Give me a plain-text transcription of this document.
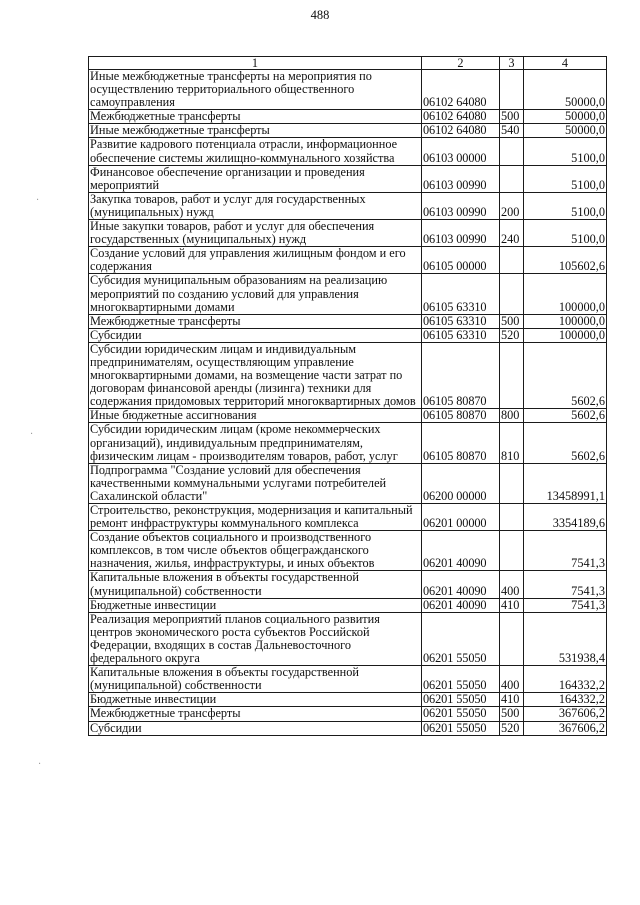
488
1	2	3	4
Иные межбюджетные трансферты на мероприятия по осуществлению территориального общественного самоуправления	06102 64080		50000,0
Межбюджетные трансферты	06102 64080	500	50000,0
Иные межбюджетные трансферты	06102 64080	540	50000,0
Развитие кадрового потенциала отрасли, информационное обеспечение системы жилищно-коммунального хозяйства	06103 00000		5100,0
Финансовое обеспечение организации и проведения мероприятий	06103 00990		5100,0
Закупка товаров, работ и услуг для государственных (муниципальных) нужд	06103 00990	200	5100,0
Иные закупки товаров, работ и услуг для обеспечения государственных (муниципальных) нужд	06103 00990	240	5100,0
Создание условий для управления жилищным фондом и его содержания	06105 00000		105602,6
Субсидия муниципальным образованиям на реализацию мероприятий по созданию условий для управления многоквартирными домами	06105 63310		100000,0
Межбюджетные трансферты	06105 63310	500	100000,0
Субсидии	06105 63310	520	100000,0
Субсидии юридическим лицам и индивидуальным предпринимателям, осуществляющим управление многоквартирными домами, на возмещение части затрат по договорам финансовой аренды (лизинга) техники для содержания придомовых территорий многоквартирных домов	06105 80870		5602,6
Иные бюджетные ассигнования	06105 80870	800	5602,6
Субсидии юридическим лицам (кроме некоммерческих организаций), индивидуальным предпринимателям, физическим лицам - производителям товаров, работ, услуг	06105 80870	810	5602,6
Подпрограмма "Создание условий для обеспечения качественными коммунальными услугами потребителей Сахалинской области"	06200 00000		13458991,1
Строительство, реконструкция, модернизация и капитальный ремонт инфраструктуры коммунального комплекса	06201 00000		3354189,6
Создание объектов социального и производственного комплексов, в том числе объектов общегражданского назначения, жилья, инфраструктуры, и иных объектов	06201 40090		7541,3
Капитальные вложения в объекты государственной (муниципальной) собственности	06201 40090	400	7541,3
Бюджетные инвестиции	06201 40090	410	7541,3
Реализация мероприятий планов социального развития центров экономического роста субъектов Российской Федерации, входящих в состав Дальневосточного федерального округа	06201 55050		531938,4
Капитальные вложения в объекты государственной (муниципальной) собственности	06201 55050	400	164332,2
Бюджетные инвестиции	06201 55050	410	164332,2
Межбюджетные трансферты	06201 55050	500	367606,2
Субсидии	06201 55050	520	367606,2
·
·
·
